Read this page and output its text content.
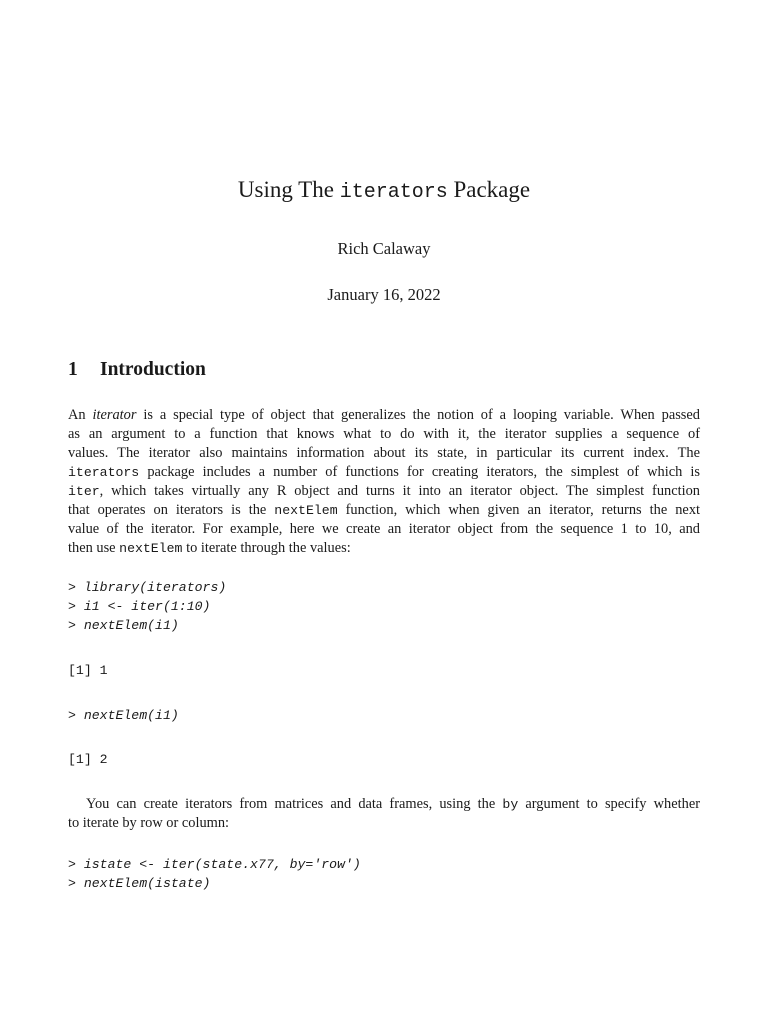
Using The iterators Package
Rich Calaway
January 16, 2022
1 Introduction
An iterator is a special type of object that generalizes the notion of a looping variable. When passed
as an argument to a function that knows what to do with it, the iterator supplies a sequence of
values. The iterator also maintains information about its state, in particular its current index. The
iterators package includes a number of functions for creating iterators, the simplest of which is
iter, which takes virtually any R object and turns it into an iterator object. The simplest function
that operates on iterators is the nextElem function, which when given an iterator, returns the next
value of the iterator. For example, here we create an iterator object from the sequence 1 to 10, and
then use nextElem to iterate through the values:
> library(iterators)
> i1 <- iter(1:10)
> nextElem(i1)
[1] 1
> nextElem(i1)
[1] 2
You can create iterators from matrices and data frames, using the by argument to specify whether
to iterate by row or column:
> istate <- iter(state.x77, by='row')
> nextElem(istate)
